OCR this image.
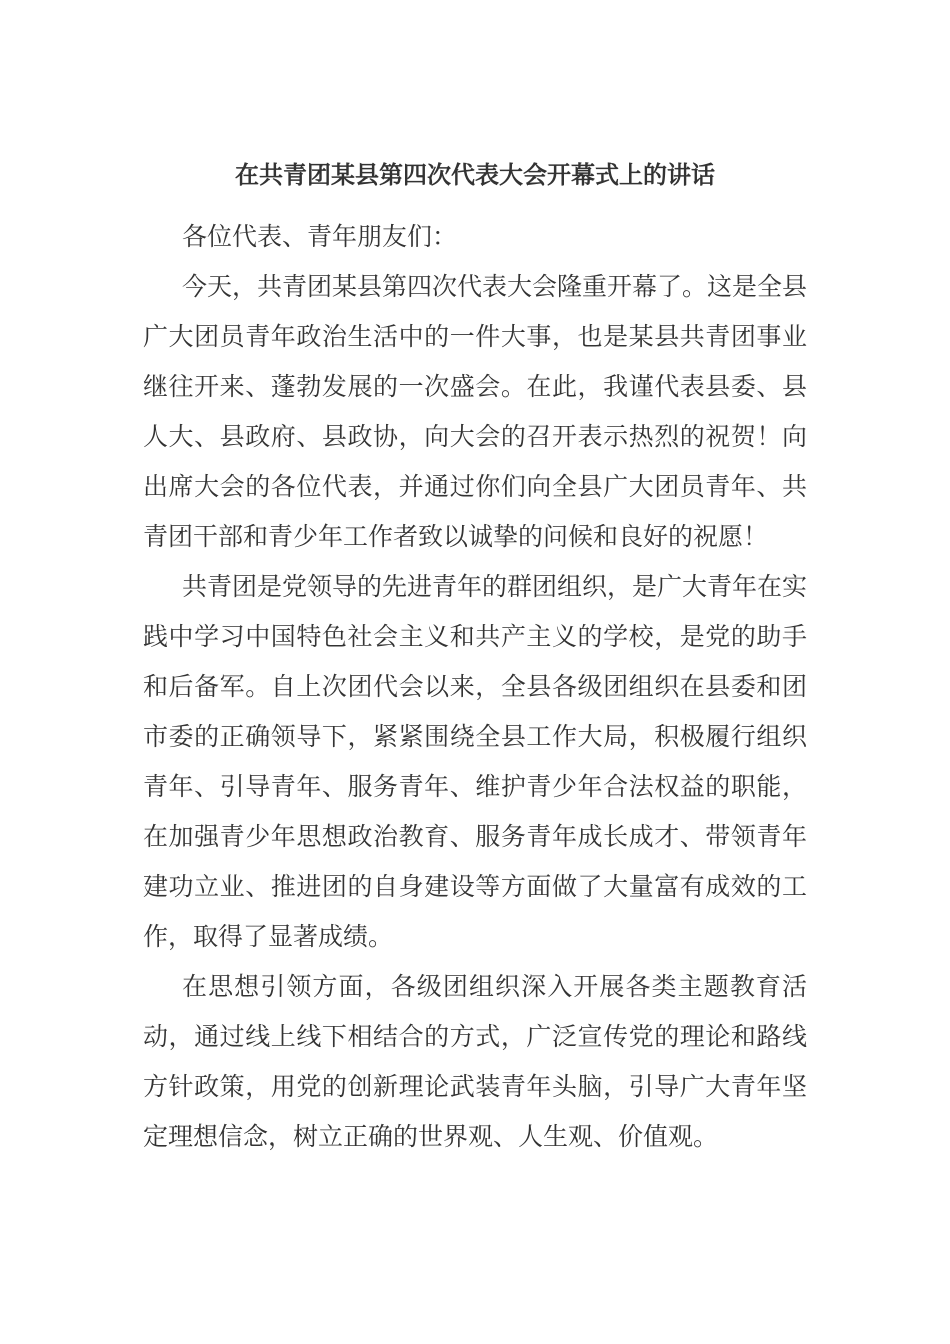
在共青团某县第四次代表大会开幕式上的讲话

各位代表、青年朋友们：

今天，共青团某县第四次代表大会隆重开幕了。这是全县广大团员青年政治生活中的一件大事，也是某县共青团事业继往开来、蓬勃发展的一次盛会。在此，我谨代表县委、县人大、县政府、县政协，向大会的召开表示热烈的祝贺！向出席大会的各位代表，并通过你们向全县广大团员青年、共青团干部和青少年工作者致以诚挚的问候和良好的祝愿！

共青团是党领导的先进青年的群团组织，是广大青年在实践中学习中国特色社会主义和共产主义的学校，是党的助手和后备军。自上次团代会以来，全县各级团组织在县委和团市委的正确领导下，紧紧围绕全县工作大局，积极履行组织青年、引导青年、服务青年、维护青少年合法权益的职能，在加强青少年思想政治教育、服务青年成长成才、带领青年建功立业、推进团的自身建设等方面做了大量富有成效的工作，取得了显著成绩。

在思想引领方面，各级团组织深入开展各类主题教育活动，通过线上线下相结合的方式，广泛宣传党的理论和路线方针政策，用党的创新理论武装青年头脑，引导广大青年坚定理想信念，树立正确的世界观、人生观、价值观。
